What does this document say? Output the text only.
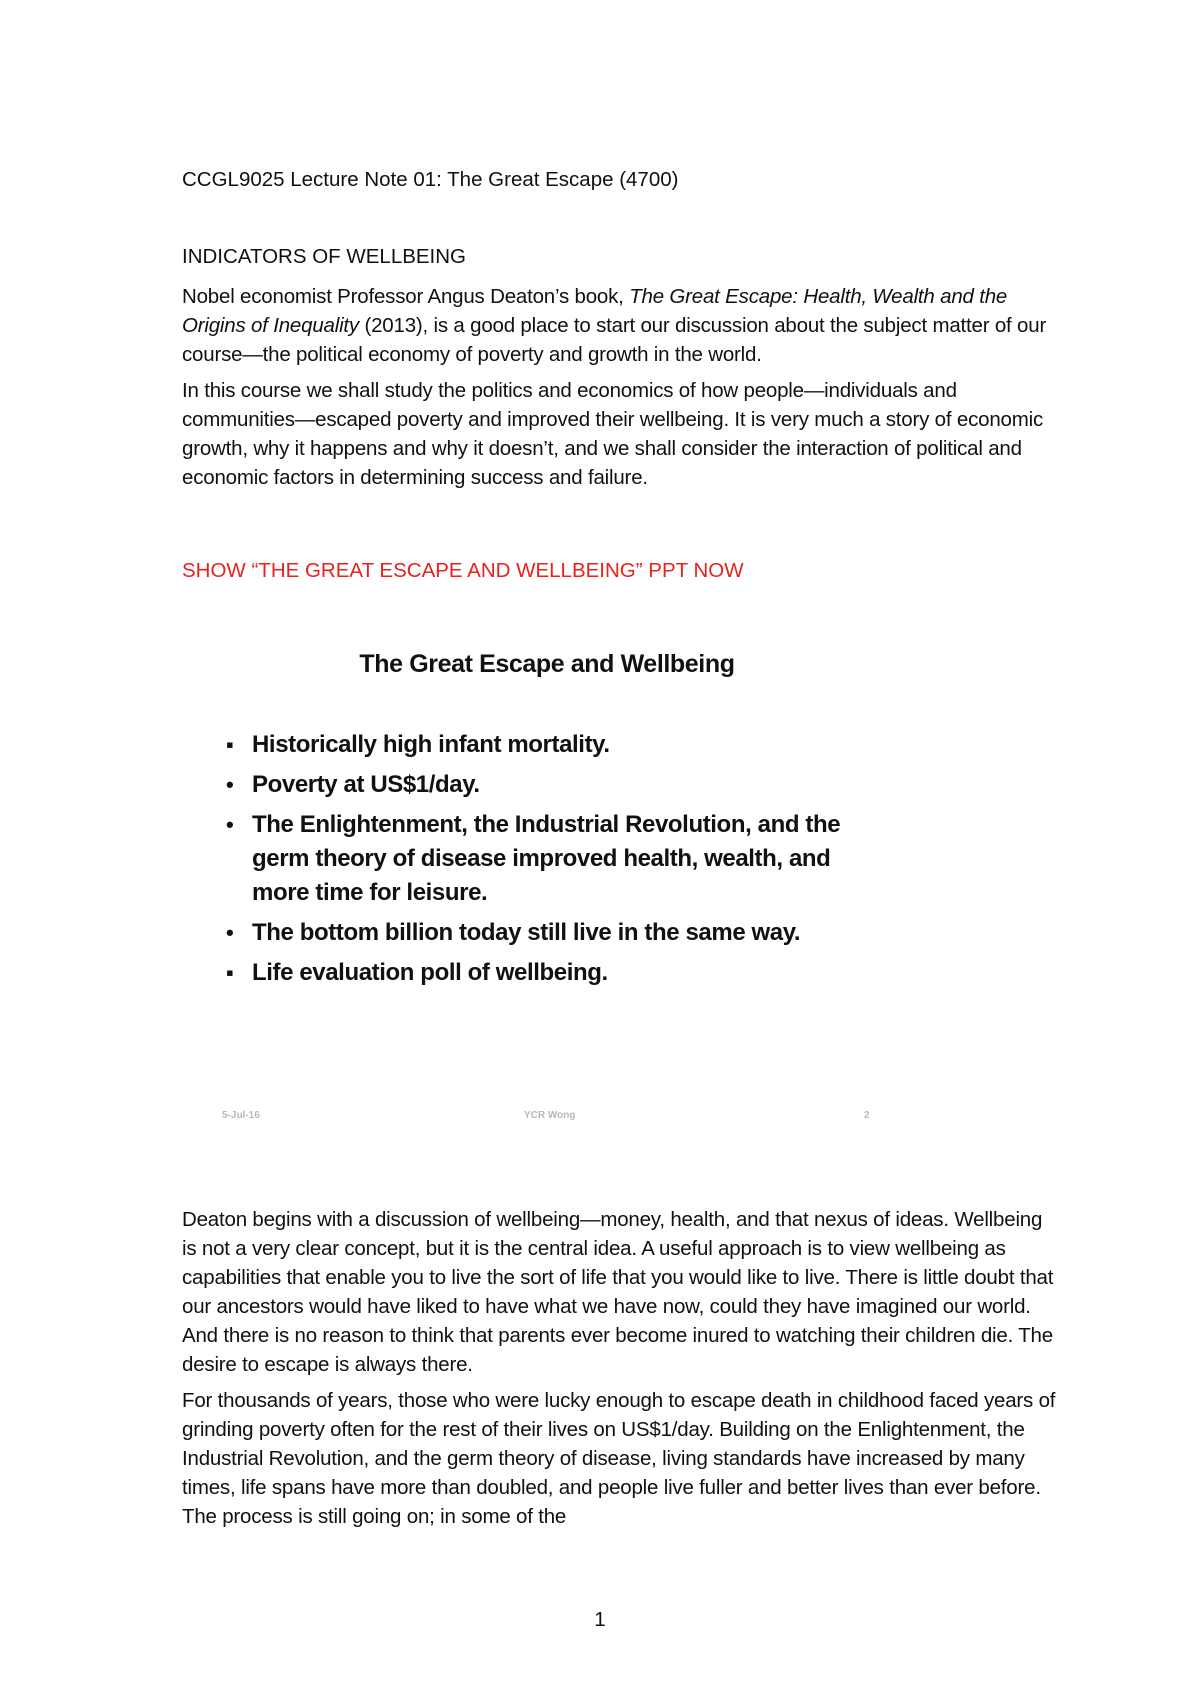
CCGL9025 Lecture Note 01: The Great Escape (4700)
INDICATORS OF WELLBEING

Nobel economist Professor Angus Deaton’s book, The Great Escape: Health, Wealth and the Origins of Inequality (2013), is a good place to start our discussion about the subject matter of our course—the political economy of poverty and growth in the world.

In this course we shall study the politics and economics of how people—individuals and communities—escaped poverty and improved their wellbeing. It is very much a story of economic growth, why it happens and why it doesn’t, and we shall consider the interaction of political and economic factors in determining success and failure.

SHOW “THE GREAT ESCAPE AND WELLBEING” PPT NOW
The Great Escape and Wellbeing
▪ Historically high infant mortality.
• Poverty at US$1/day.
• The Enlightenment, the Industrial Revolution, and the germ theory of disease improved health, wealth, and more time for leisure.
• The bottom billion today still live in the same way.
▪ Life evaluation poll of wellbeing.
5-Jul-16	YCR Wong	2

Deaton begins with a discussion of wellbeing—money, health, and that nexus of ideas. Wellbeing is not a very clear concept, but it is the central idea. A useful approach is to view wellbeing as capabilities that enable you to live the sort of life that you would like to live. There is little doubt that our ancestors would have liked to have what we have now, could they have imagined our world. And there is no reason to think that parents ever become inured to watching their children die. The desire to escape is always there.

For thousands of years, those who were lucky enough to escape death in childhood faced years of grinding poverty often for the rest of their lives on US$1/day. Building on the Enlightenment, the Industrial Revolution, and the germ theory of disease, living standards have increased by many times, life spans have more than doubled, and people live fuller and better lives than ever before. The process is still going on; in some of the

1
